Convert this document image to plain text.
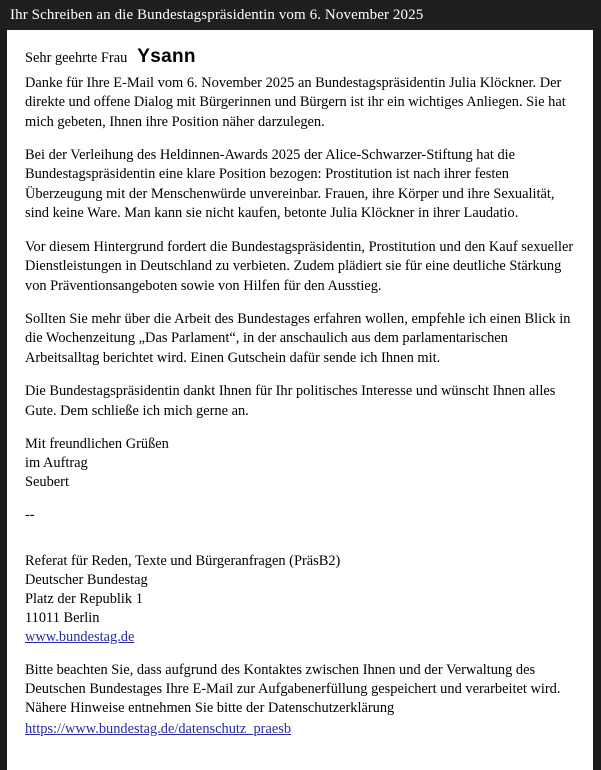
Ihr Schreiben an die Bundestagspräsidentin vom 6. November 2025
Sehr geehrte Frau Ysann

Danke für Ihre E-Mail vom 6. November 2025 an Bundestagspräsidentin Julia Klöckner. Der direkte und offene Dialog mit Bürgerinnen und Bürgern ist ihr ein wichtiges Anliegen. Sie hat mich gebeten, Ihnen ihre Position näher darzulegen.

Bei der Verleihung des Heldinnen-Awards 2025 der Alice-Schwarzer-Stiftung hat die Bundestagspräsidentin eine klare Position bezogen: Prostitution ist nach ihrer festen Überzeugung mit der Menschenwürde unvereinbar. Frauen, ihre Körper und ihre Sexualität, sind keine Ware. Man kann sie nicht kaufen, betonte Julia Klöckner in ihrer Laudatio.

Vor diesem Hintergrund fordert die Bundestagspräsidentin, Prostitution und den Kauf sexueller Dienstleistungen in Deutschland zu verbieten. Zudem plädiert sie für eine deutliche Stärkung von Präventionsangeboten sowie von Hilfen für den Ausstieg.

Sollten Sie mehr über die Arbeit des Bundestages erfahren wollen, empfehle ich einen Blick in die Wochenzeitung „Das Parlament“, in der anschaulich aus dem parlamentarischen Arbeitsalltag berichtet wird. Einen Gutschein dafür sende ich Ihnen mit.

Die Bundestagspräsidentin dankt Ihnen für Ihr politisches Interesse und wünscht Ihnen alles Gute. Dem schließe ich mich gerne an.

Mit freundlichen Grüßen
im Auftrag
Seubert
--
Referat für Reden, Texte und Bürgeranfragen (PräsB2)
Deutscher Bundestag
Platz der Republik 1
11011 Berlin
www.bundestag.de
Bitte beachten Sie, dass aufgrund des Kontaktes zwischen Ihnen und der Verwaltung des Deutschen Bundestages Ihre E-Mail zur Aufgabenerfüllung gespeichert und verarbeitet wird. Nähere Hinweise entnehmen Sie bitte der Datenschutzerklärung
https://www.bundestag.de/datenschutz_praesb
